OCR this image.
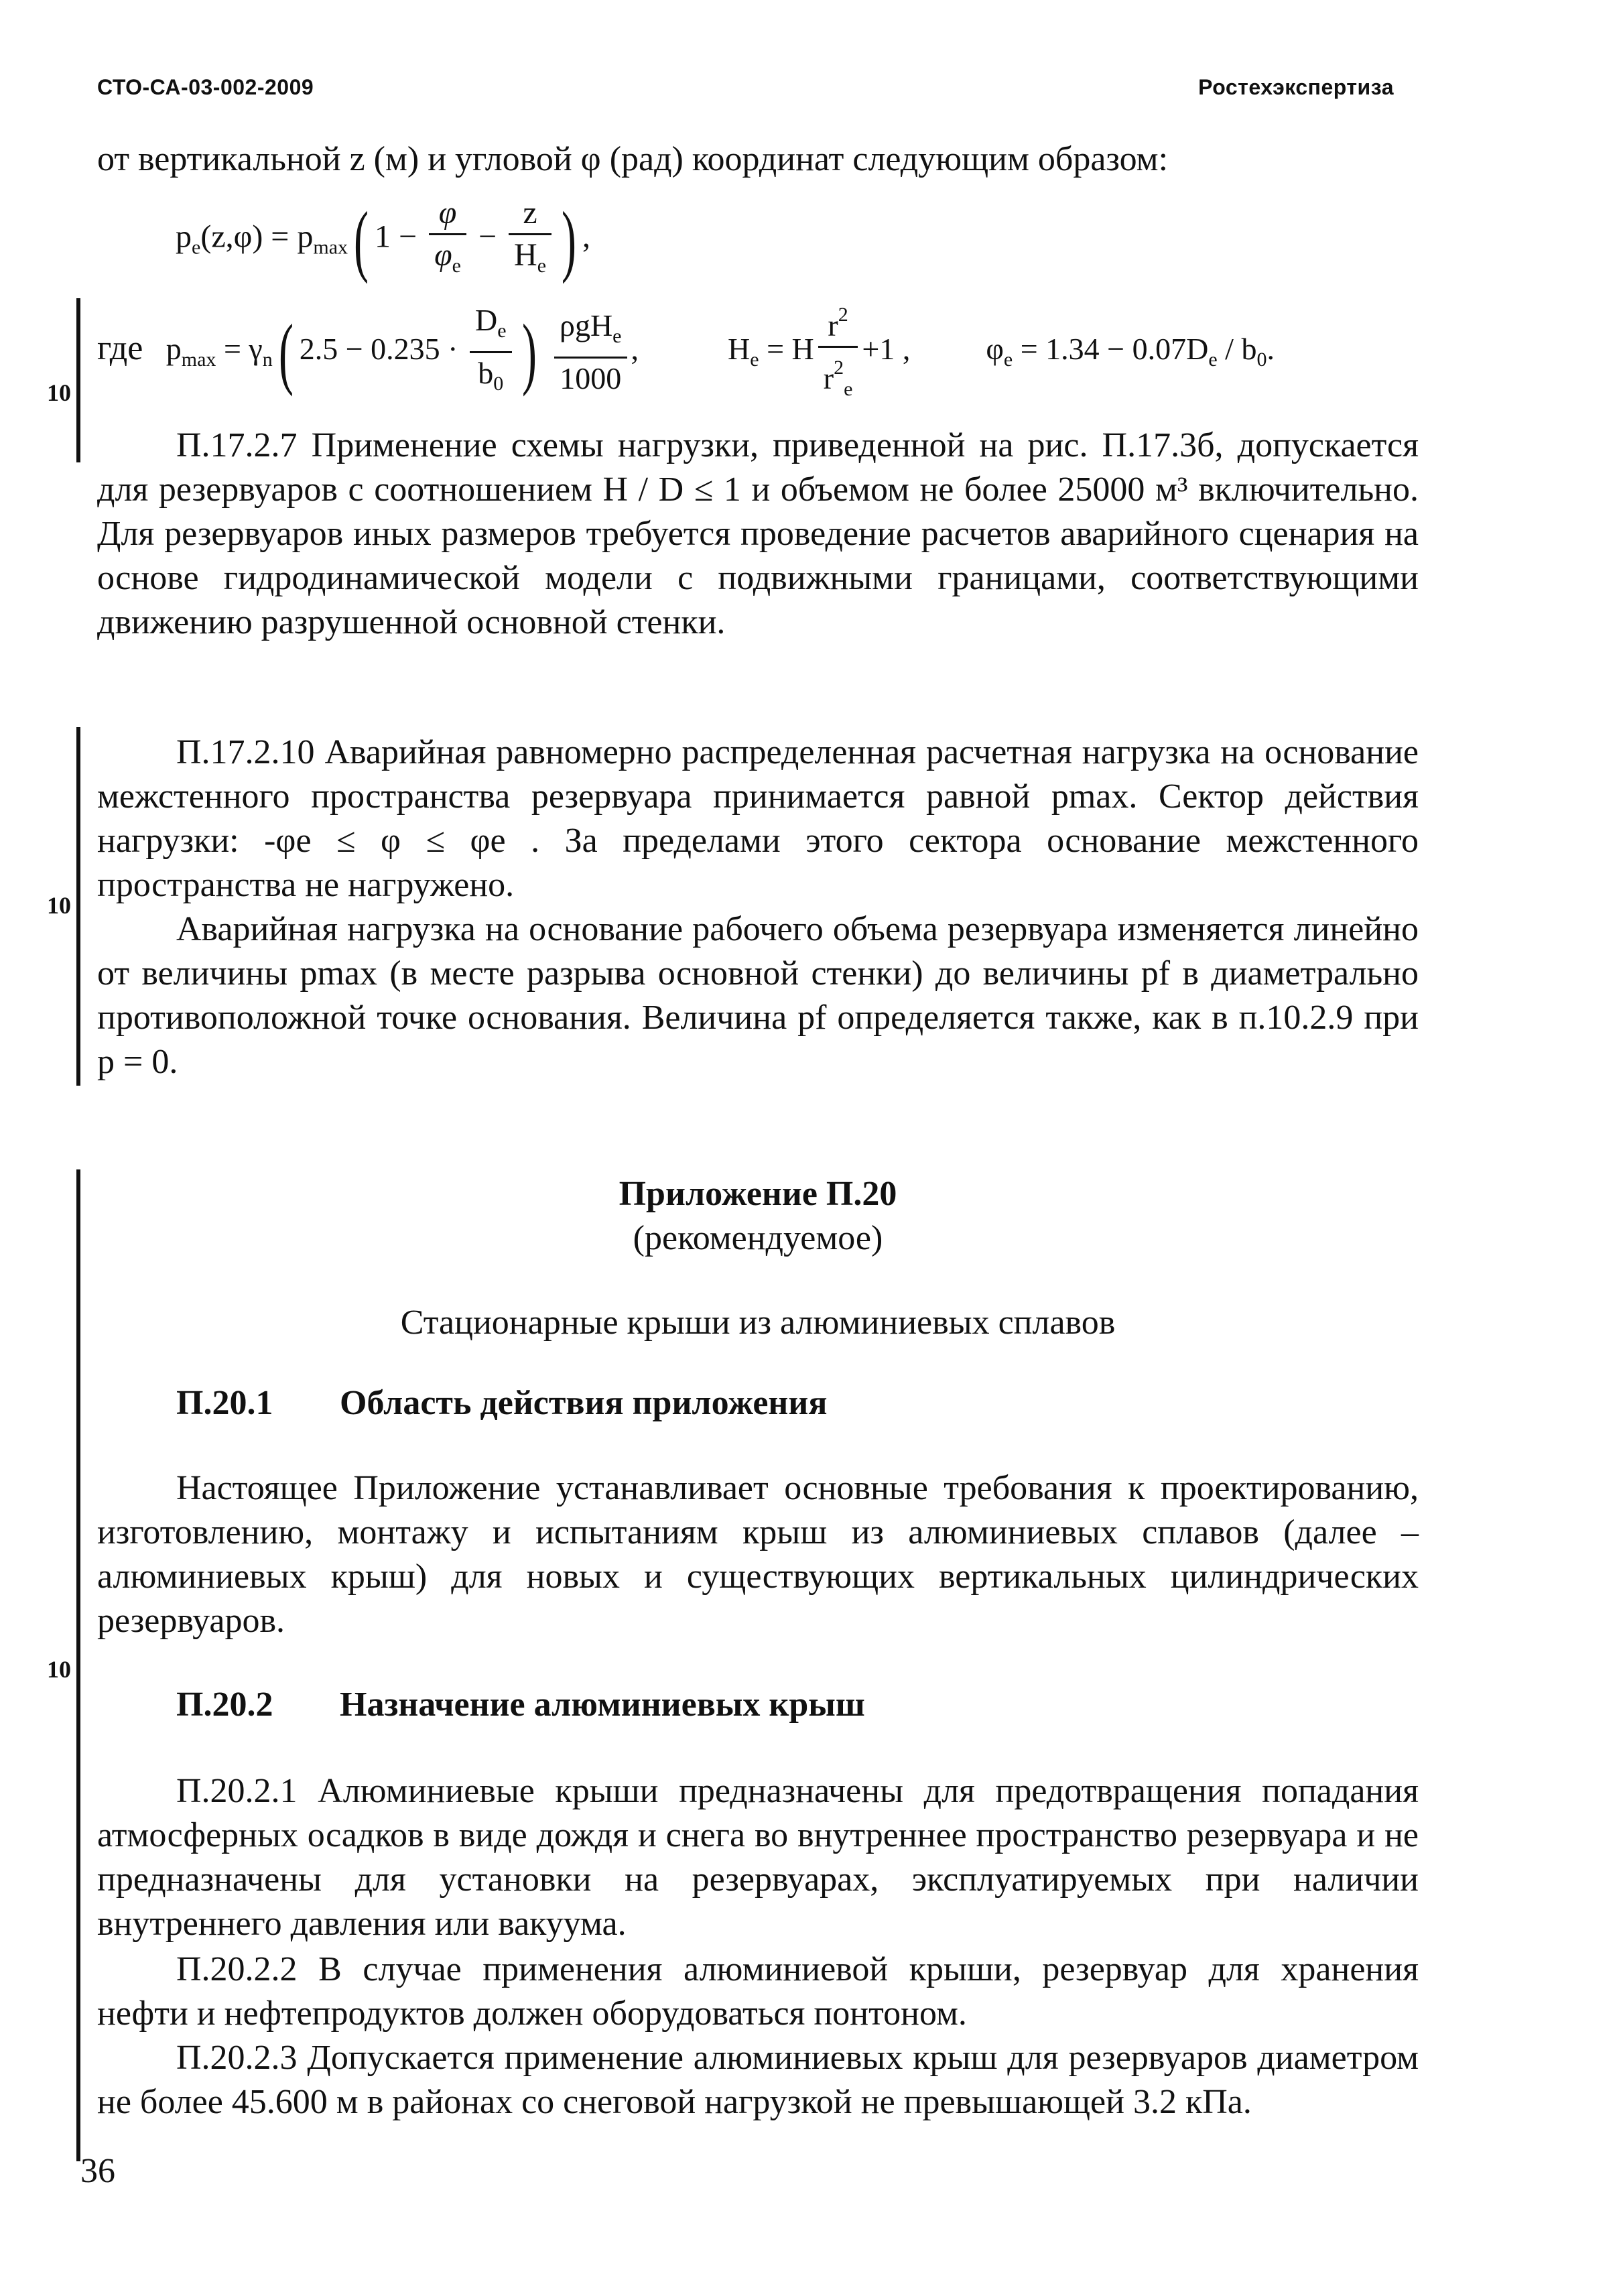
СТО-СА-03-002-2009	Ростехэкспертиза
от вертикальной z (м) и угловой φ (рад) координат следующим образом:
$p_e(z,\varphi) = p_{max}$( $1 - \frac{\varphi}{\varphi_e} - \frac{z}{H_e}$ ) ,
10
где $p_{max} = \gamma_n$( $2.5 - 0.235 \cdot \frac{D_e}{b_0}$ ) $\frac{\rho gH_e}{1000}$ ,	$H_e = H \frac{r^2}{r^2_e} +1$ , $\varphi_e = 1.34 - 0.07D_e / b_0$.
П.17.2.7 Применение схемы нагрузки, приведенной на рис. П.17.3б, допускается для резервуаров с соотношением H / D ≤ 1 и объемом не более 25000 м³ включительно. Для резервуаров иных размеров требуется проведение расчетов аварийного сценария на основе гидродинамической модели с подвижными границами, соответствующими движению разрушенной основной стенки.
10
П.17.2.10 Аварийная равномерно распределенная расчетная нагрузка на основание межстенного пространства резервуара принимается равной pmax. Сектор действия нагрузки: -φe ≤ φ ≤ φe . За пределами этого сектора основание межстенного пространства не нагружено.
Аварийная нагрузка на основание рабочего объема резервуара изменяется линейно от величины pmax (в месте разрыва основной стенки) до величины pf в диаметрально противоположной точке основания. Величина pf определяется также, как в п.10.2.9 при p = 0.
10
Приложение П.20
(рекомендуемое)
Стационарные крыши из алюминиевых сплавов
П.20.1 Область действия приложения
Настоящее Приложение устанавливает основные требования к проектированию, изготовлению, монтажу и испытаниям крыш из алюминиевых сплавов (далее – алюминиевых крыш) для новых и существующих вертикальных цилиндрических резервуаров.
П.20.2 Назначение алюминиевых крыш
П.20.2.1 Алюминиевые крыши предназначены для предотвращения попадания атмосферных осадков в виде дождя и снега во внутреннее пространство резервуара и не предназначены для установки на резервуарах, эксплуатируемых при наличии внутреннего давления или вакуума.
П.20.2.2 В случае применения алюминиевой крыши, резервуар для хранения нефти и нефтепродуктов должен оборудоваться понтоном.
П.20.2.3 Допускается применение алюминиевых крыш для резервуаров диаметром не более 45.600 м в районах со снеговой нагрузкой не превышающей 3.2 кПа.
36
